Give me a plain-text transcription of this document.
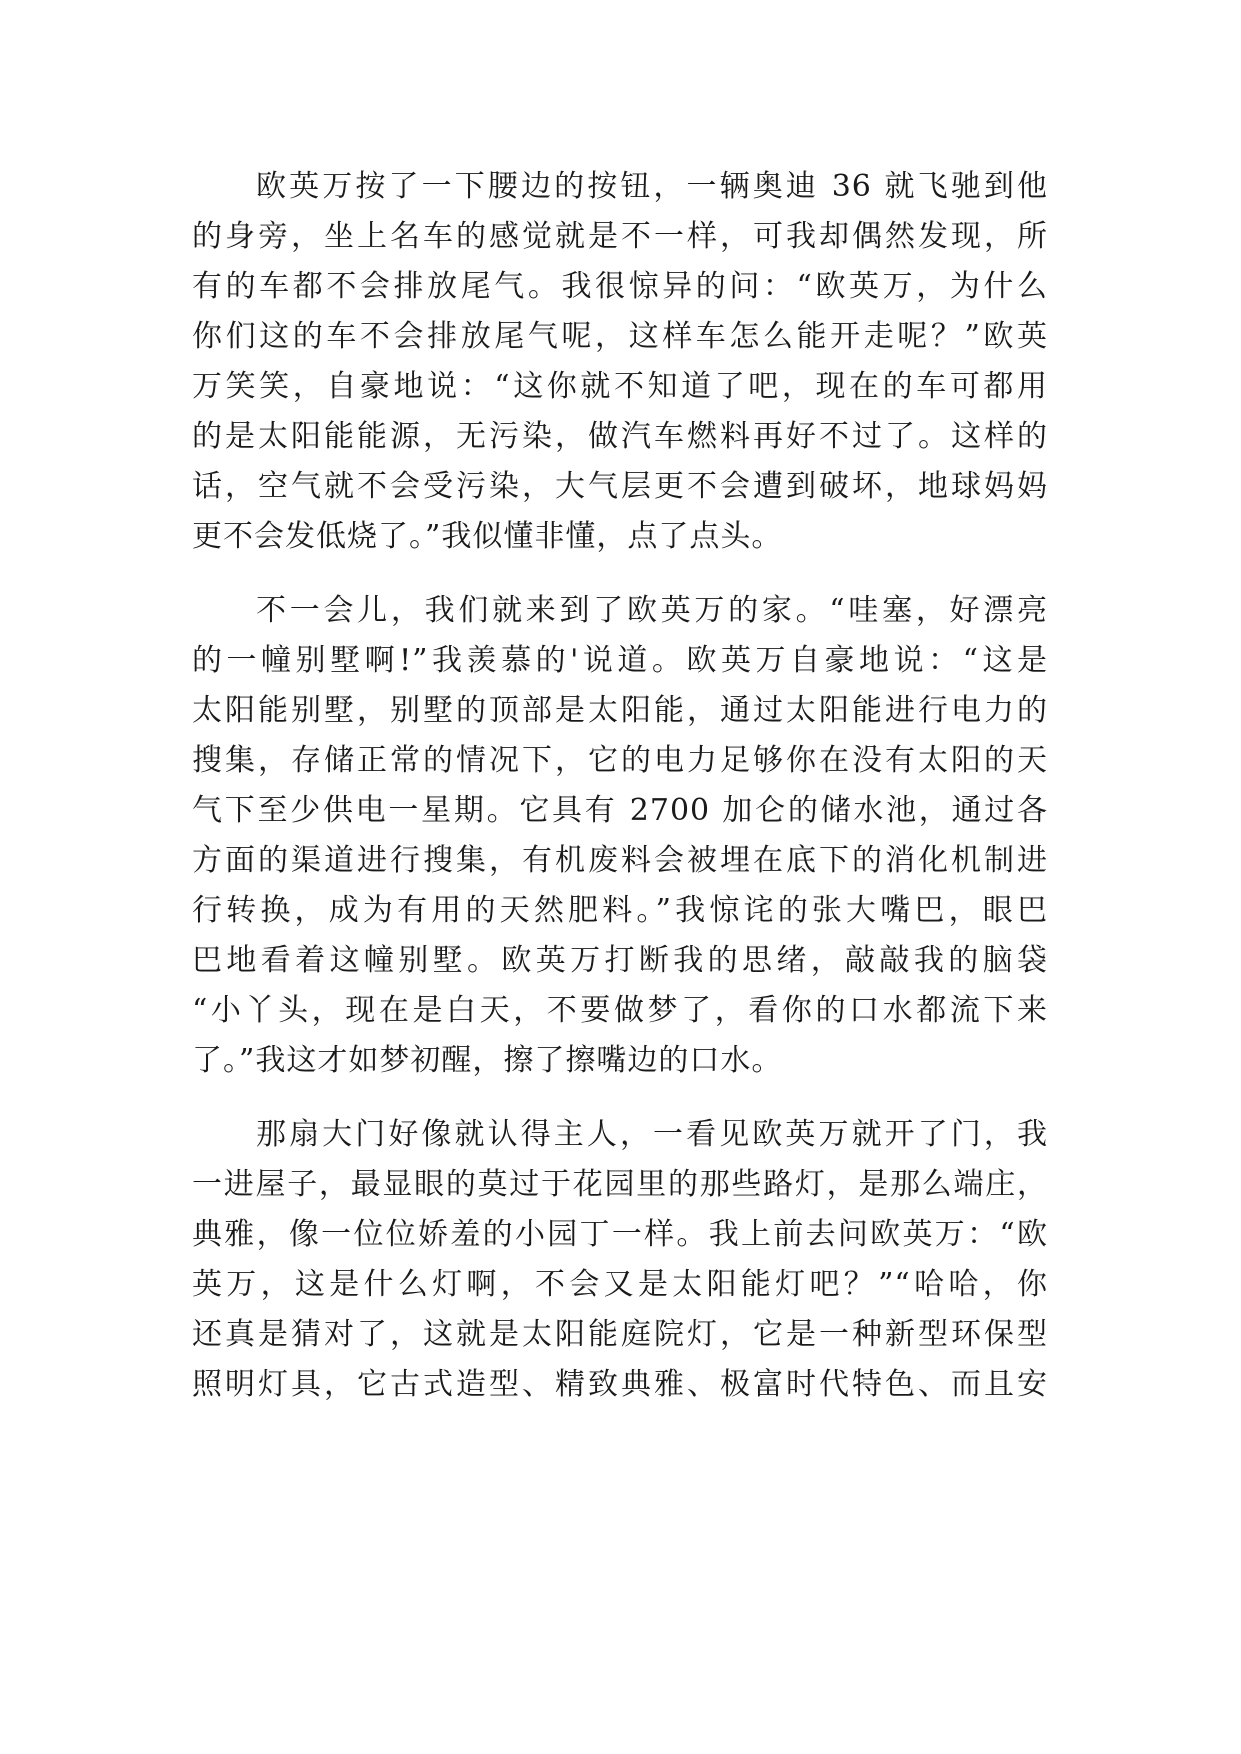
欧英万按了一下腰边的按钮，一辆奥迪 36 就飞驰到他
的身旁，坐上名车的感觉就是不一样，可我却偶然发现，所
有的车都不会排放尾气。我很惊异的问：“欧英万，为什么
你们这的车不会排放尾气呢，这样车怎么能开走呢？”欧英
万笑笑，自豪地说：“这你就不知道了吧，现在的车可都用
的是太阳能能源，无污染，做汽车燃料再好不过了。这样的
话，空气就不会受污染，大气层更不会遭到破坏，地球妈妈
更不会发低烧了。”我似懂非懂，点了点头。
不一会儿，我们就来到了欧英万的家。“哇塞，好漂亮
的一幢别墅啊!”我羡慕的'说道。欧英万自豪地说：“这是
太阳能别墅，别墅的顶部是太阳能，通过太阳能进行电力的
搜集，存储正常的情况下，它的电力足够你在没有太阳的天
气下至少供电一星期。它具有 2700 加仑的储水池，通过各
方面的渠道进行搜集，有机废料会被埋在底下的消化机制进
行转换，成为有用的天然肥料。”我惊诧的张大嘴巴，眼巴
巴地看着这幢别墅。欧英万打断我的思绪，敲敲我的脑袋
“小丫头，现在是白天，不要做梦了，看你的口水都流下来
了。”我这才如梦初醒，擦了擦嘴边的口水。
那扇大门好像就认得主人，一看见欧英万就开了门，我
一进屋子，最显眼的莫过于花园里的那些路灯，是那么端庄，
典雅，像一位位娇羞的小园丁一样。我上前去问欧英万：“欧
英万，这是什么灯啊，不会又是太阳能灯吧？”“哈哈，你
还真是猜对了，这就是太阳能庭院灯，它是一种新型环保型
照明灯具，它古式造型、精致典雅、极富时代特色、而且安
